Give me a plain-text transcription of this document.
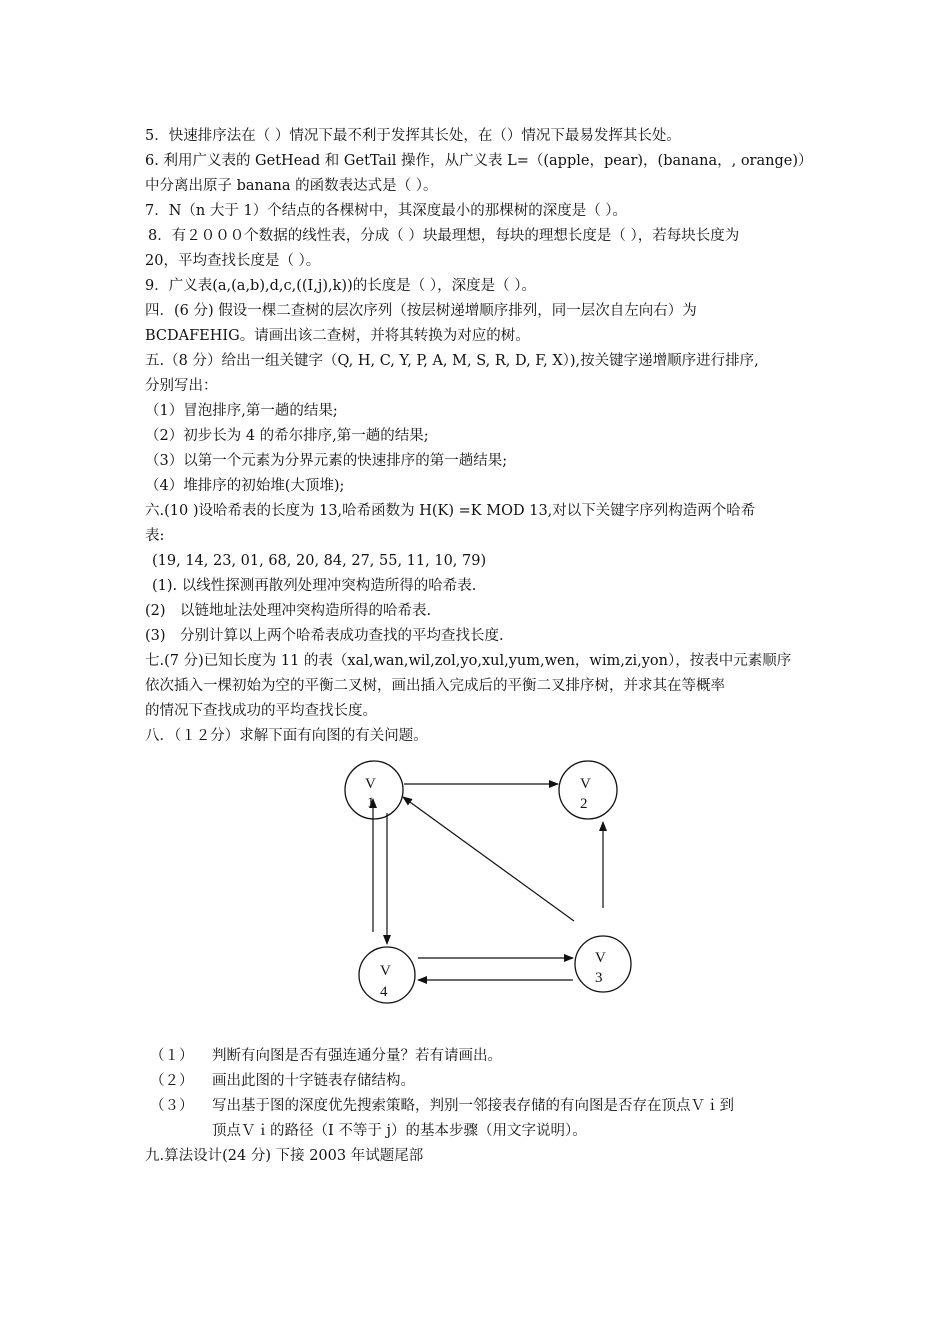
5．快速排序法在（ ）情况下最不利于发挥其长处，在（）情况下最易发挥其长处。
6. 利用广义表的 GetHead 和 GetTail 操作，从广义表 L=（(apple，pear)，(banana，, orange)）
中分离出原子 banana 的函数表达式是（ ）。
7．N（n 大于 1）个结点的各棵树中，其深度最小的那棵树的深度是（ ）。
8．有２０００个数据的线性表，分成（ ）块最理想，每块的理想长度是（ ），若每块长度为
20，平均查找长度是（ ）。
9．广义表(a,(a,b),d,c,((I,j),k))的长度是（ ），深度是（ ）。
四．(6 分) 假设一棵二查树的层次序列（按层树递增顺序排列，同一层次自左向右）为
BCDAFEHIG。请画出该二查树，并将其转换为对应的树。
五.（8 分）给出一组关键字（Q, H, C, Y, P, A, M, S, R, D, F, X）),按关键字递增顺序进行排序,
分别写出：
（1）冒泡排序,第一趟的结果;
（2）初步长为 4 的希尔排序,第一趟的结果;
（3）以第一个元素为分界元素的快速排序的第一趟结果;
（4）堆排序的初始堆(大顶堆);
六.(10 )设哈希表的长度为 13,哈希函数为 H(K) =K MOD 13,对以下关键字序列构造两个哈希
表:
(19, 14, 23, 01, 68, 20, 84, 27, 55, 11, 10, 79)
(1). 以线性探测再散列处理冲突构造所得的哈希表.
(2)　以链地址法处理冲突构造所得的哈希表.
(3)　分别计算以上两个哈希表成功查找的平均查找长度.
七.(7 分)已知长度为 11 的表（xal,wan,wil,zol,yo,xul,yum,wen，wim,zi,yon），按表中元素顺序
依次插入一棵初始为空的平衡二叉树，画出插入完成后的平衡二叉排序树，并求其在等概率
的情况下查找成功的平均查找长度。
八．（１２分）求解下面有向图的有关问题。
V
1
V
2
V
3
V
4
（１） 判断有向图是否有强连通分量？若有请画出。
（２） 画出此图的十字链表存储结构。
（３） 写出基于图的深度优先搜索策略，判别一邻接表存储的有向图是否存在顶点Ｖｉ到
顶点Ｖｉ的路径（I 不等于 j）的基本步骤（用文字说明）。
九.算法设计(24 分) 下接 2003 年试题尾部
